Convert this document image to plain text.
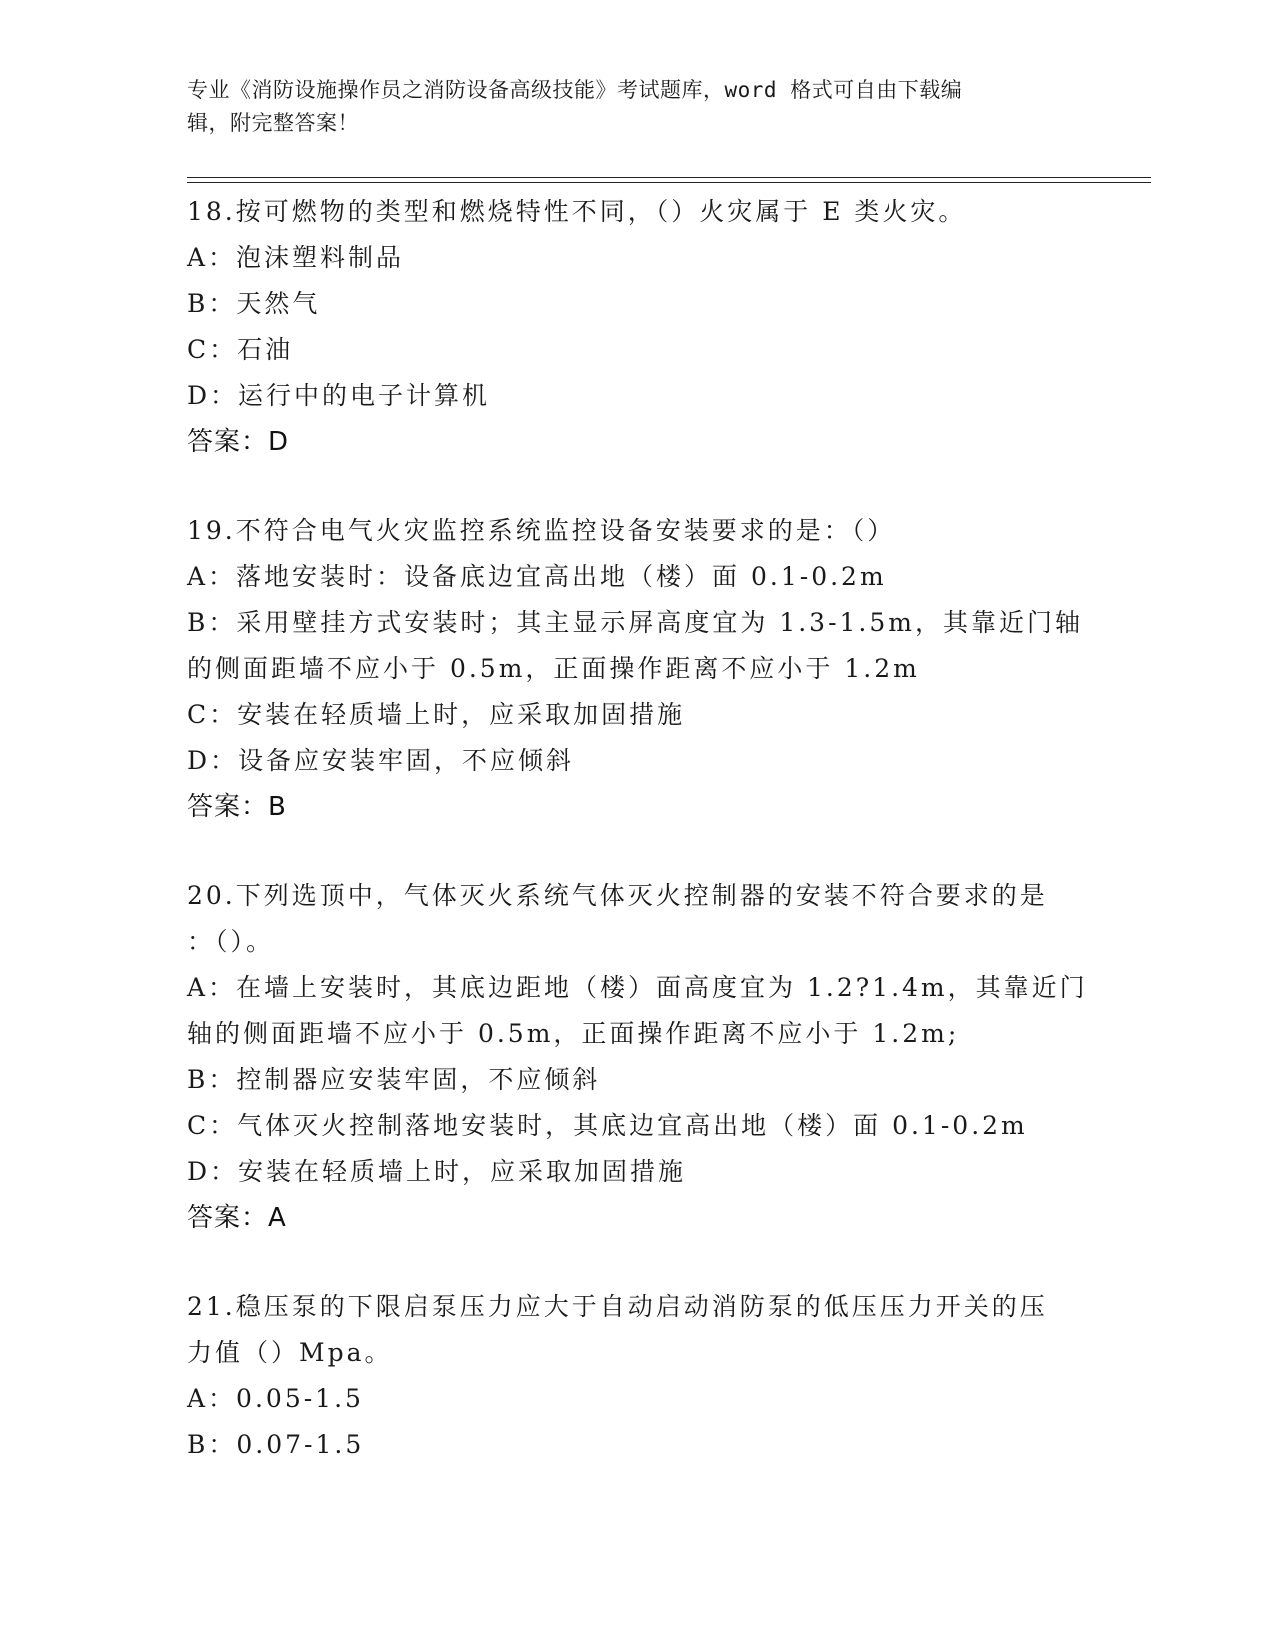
专业《消防设施操作员之消防设备高级技能》考试题库，word 格式可自由下载编
辑，附完整答案！
18.按可燃物的类型和燃烧特性不同，（）火灾属于 E 类火灾。
A：泡沫塑料制品
B：天然气
C：石油
D：运行中的电子计算机
答案：D
19.不符合电气火灾监控系统监控设备安装要求的是：（）
A：落地安装时：设备底边宜高出地（楼）面 0.1-0.2m
B：采用壁挂方式安装时；其主显示屏高度宜为 1.3-1.5m，其靠近门轴
的侧面距墙不应小于 0.5m，正面操作距离不应小于 1.2m
C：安装在轻质墙上时，应采取加固措施
D：设备应安装牢固，不应倾斜
答案：B
20.下列选顶中，气体灭火系统气体灭火控制器的安装不符合要求的是
：（）。
A：在墙上安装时，其底边距地（楼）面高度宜为 1.2?1.4m，其靠近门
轴的侧面距墙不应小于 0.5m，正面操作距离不应小于 1.2m;
B：控制器应安装牢固，不应倾斜
C：气体灭火控制落地安装时，其底边宜高出地（楼）面 0.1-0.2m
D：安装在轻质墙上时，应采取加固措施
答案：A
21.稳压泵的下限启泵压力应大于自动启动消防泵的低压压力开关的压
力值（）Mpa。
A：0.05-1.5
B：0.07-1.5
